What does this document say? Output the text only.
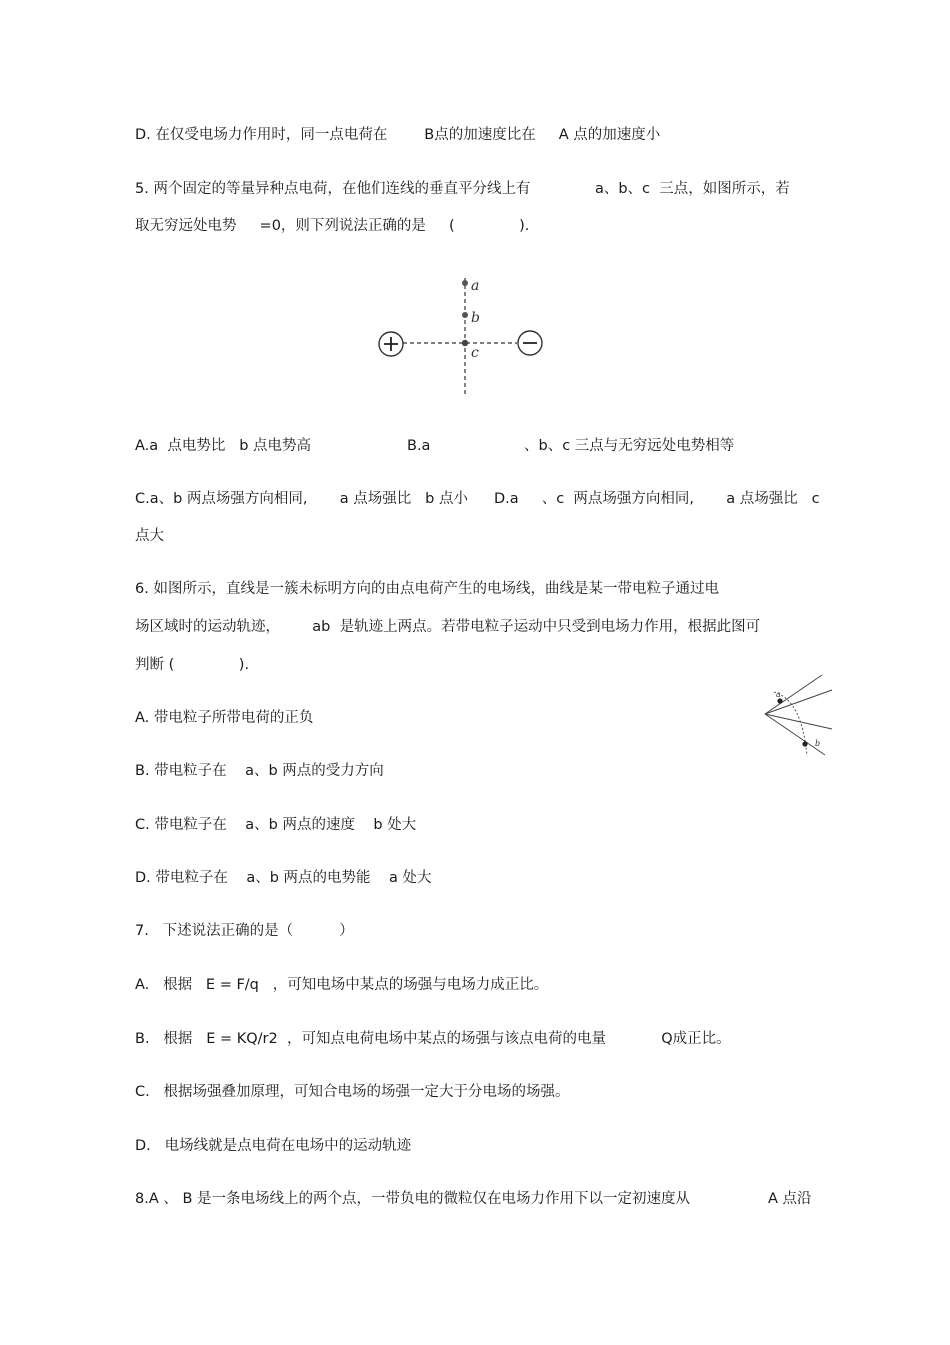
D. 在仅受电场力作用时，同一点电荷在        B点的加速度比在     A 点的加速度小
5. 两个固定的等量异种点电荷，在他们连线的垂直平分线上有              a、b、c  三点，如图所示，若
取无穷远处电势     =0，则下列说法正确的是     (              ).
a
b
c
A.a  点电势比   b 点电势高	B.a	、b、c 三点与无穷远处电势相等
C.a、b 两点场强方向相同,       a 点场强比   b 点小 D.a     、c  两点场强方向相同,       a 点场强比   c
点大
6. 如图所示，直线是一簇未标明方向的由点电荷产生的电场线，曲线是某一带电粒子通过电
场区域时的运动轨迹，       ab  是轨迹上两点。若带电粒子运动中只受到电场力作用，根据此图可
判断 (              ).
a
b
A. 带电粒子所带电荷的正负
B. 带电粒子在    a、b 两点的受力方向
C. 带电粒子在    a、b 两点的速度    b 处大
D. 带电粒子在    a、b 两点的电势能    a 处大
7.   下述说法正确的是（          ）
A.   根据   E = F/q   ，可知电场中某点的场强与电场力成正比。
B.   根据   E = KQ/r2  ，可知点电荷电场中某点的场强与该点电荷的电量            Q成正比。
C.   根据场强叠加原理，可知合电场的场强一定大于分电场的场强。
D.   电场线就是点电荷在电场中的运动轨迹
8.A 、 B 是一条电场线上的两个点，一带负电的微粒仅在电场力作用下以一定初速度从	A 点沿
